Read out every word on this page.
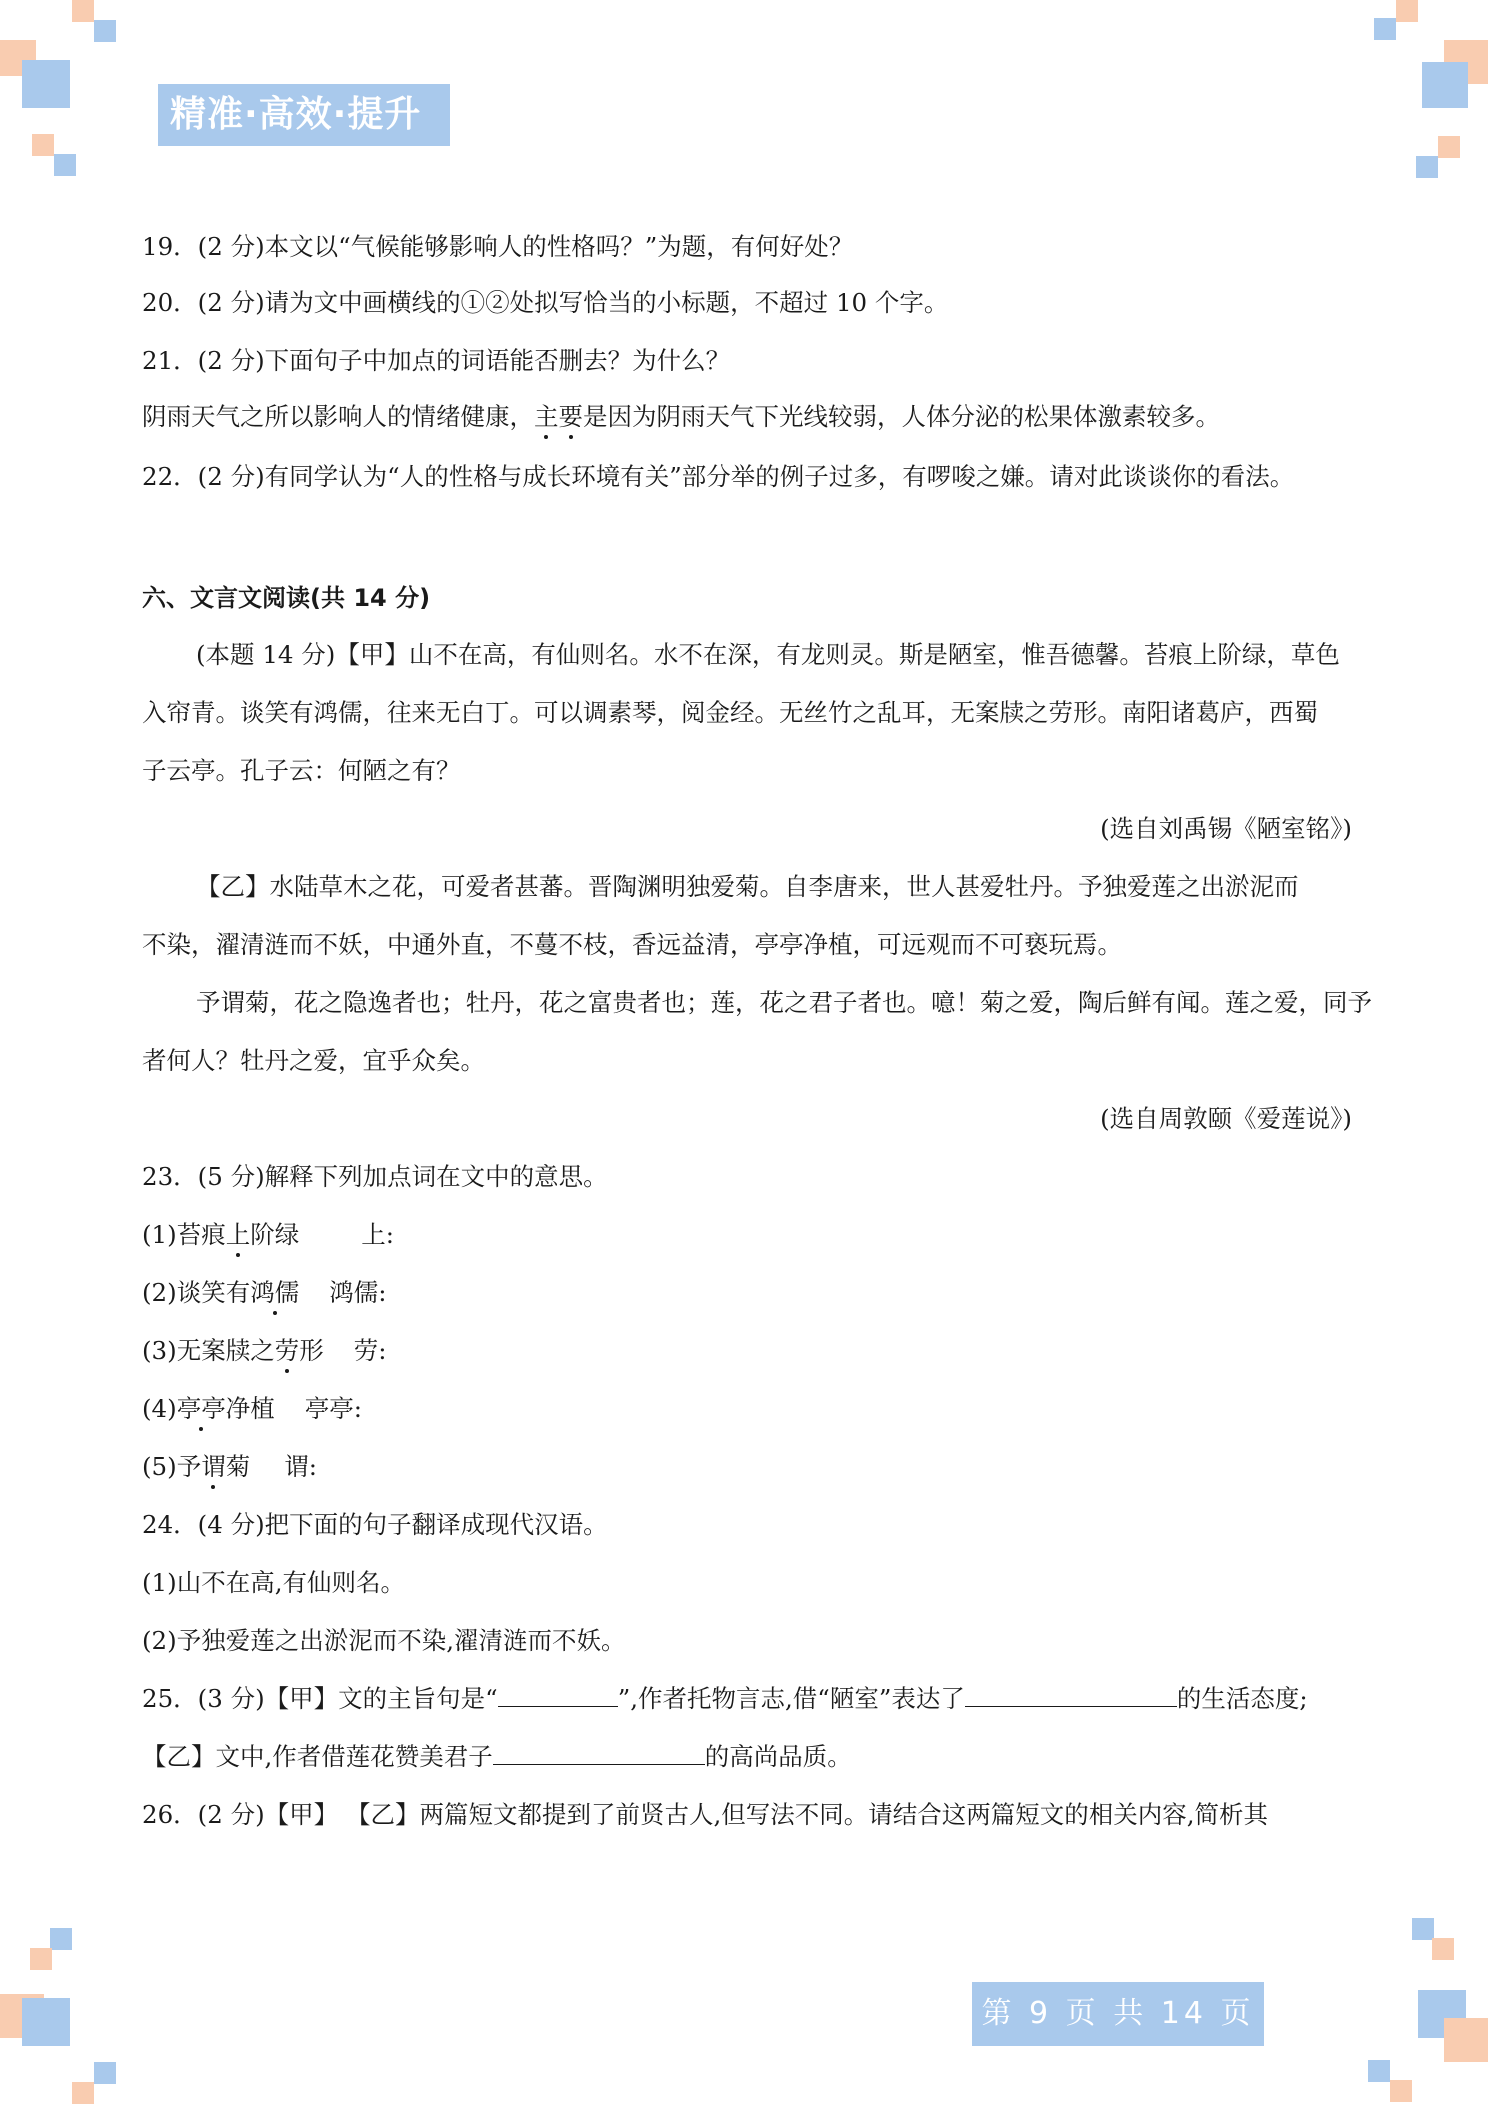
精准·高效·提升
19．(2 分)本文以“气候能够影响人的性格吗？”为题，有何好处？
20．(2 分)请为文中画横线的①②处拟写恰当的小标题，不超过 10 个字。
21．(2 分)下面句子中加点的词语能否删去？为什么？
阴雨天气之所以影响人的情绪健康，主要是因为阴雨天气下光线较弱，人体分泌的松果体激素较多。
22．(2 分)有同学认为“人的性格与成长环境有关”部分举的例子过多，有啰唆之嫌。请对此谈谈你的看法。
六、文言文阅读(共 14 分)
(本题 14 分)【甲】山不在高，有仙则名。水不在深，有龙则灵。斯是陋室，惟吾德馨。苔痕上阶绿，草色
入帘青。谈笑有鸿儒，往来无白丁。可以调素琴，阅金经。无丝竹之乱耳，无案牍之劳形。南阳诸葛庐，西蜀
子云亭。孔子云：何陋之有？
(选自刘禹锡《陋室铭》)
【乙】水陆草木之花，可爱者甚蕃。晋陶渊明独爱菊。自李唐来，世人甚爱牡丹。予独爱莲之出淤泥而
不染，濯清涟而不妖，中通外直，不蔓不枝，香远益清，亭亭净植，可远观而不可亵玩焉。
予谓菊，花之隐逸者也；牡丹，花之富贵者也；莲，花之君子者也。噫！菊之爱，陶后鲜有闻。莲之爱，同予
者何人？牡丹之爱，宜乎众矣。
(选自周敦颐《爱莲说》)
23．(5 分)解释下列加点词在文中的意思。
(1)苔痕上阶绿	上:
(2)谈笑有鸿儒 鸿儒:
(3)无案牍之劳形 劳:
(4)亭亭净植 亭亭:
(5)予谓菊 谓:
24．(4 分)把下面的句子翻译成现代汉语。
(1)山不在高,有仙则名。
(2)予独爱莲之出淤泥而不染,濯清涟而不妖。
25．(3 分)【甲】文的主旨句是“	”,作者托物言志,借“陋室”表达了	的生活态度;
【乙】文中,作者借莲花赞美君子	的高尚品质。
26．(2 分)【甲】 【乙】两篇短文都提到了前贤古人,但写法不同。请结合这两篇短文的相关内容,简析其
第 9 页 共 14 页
